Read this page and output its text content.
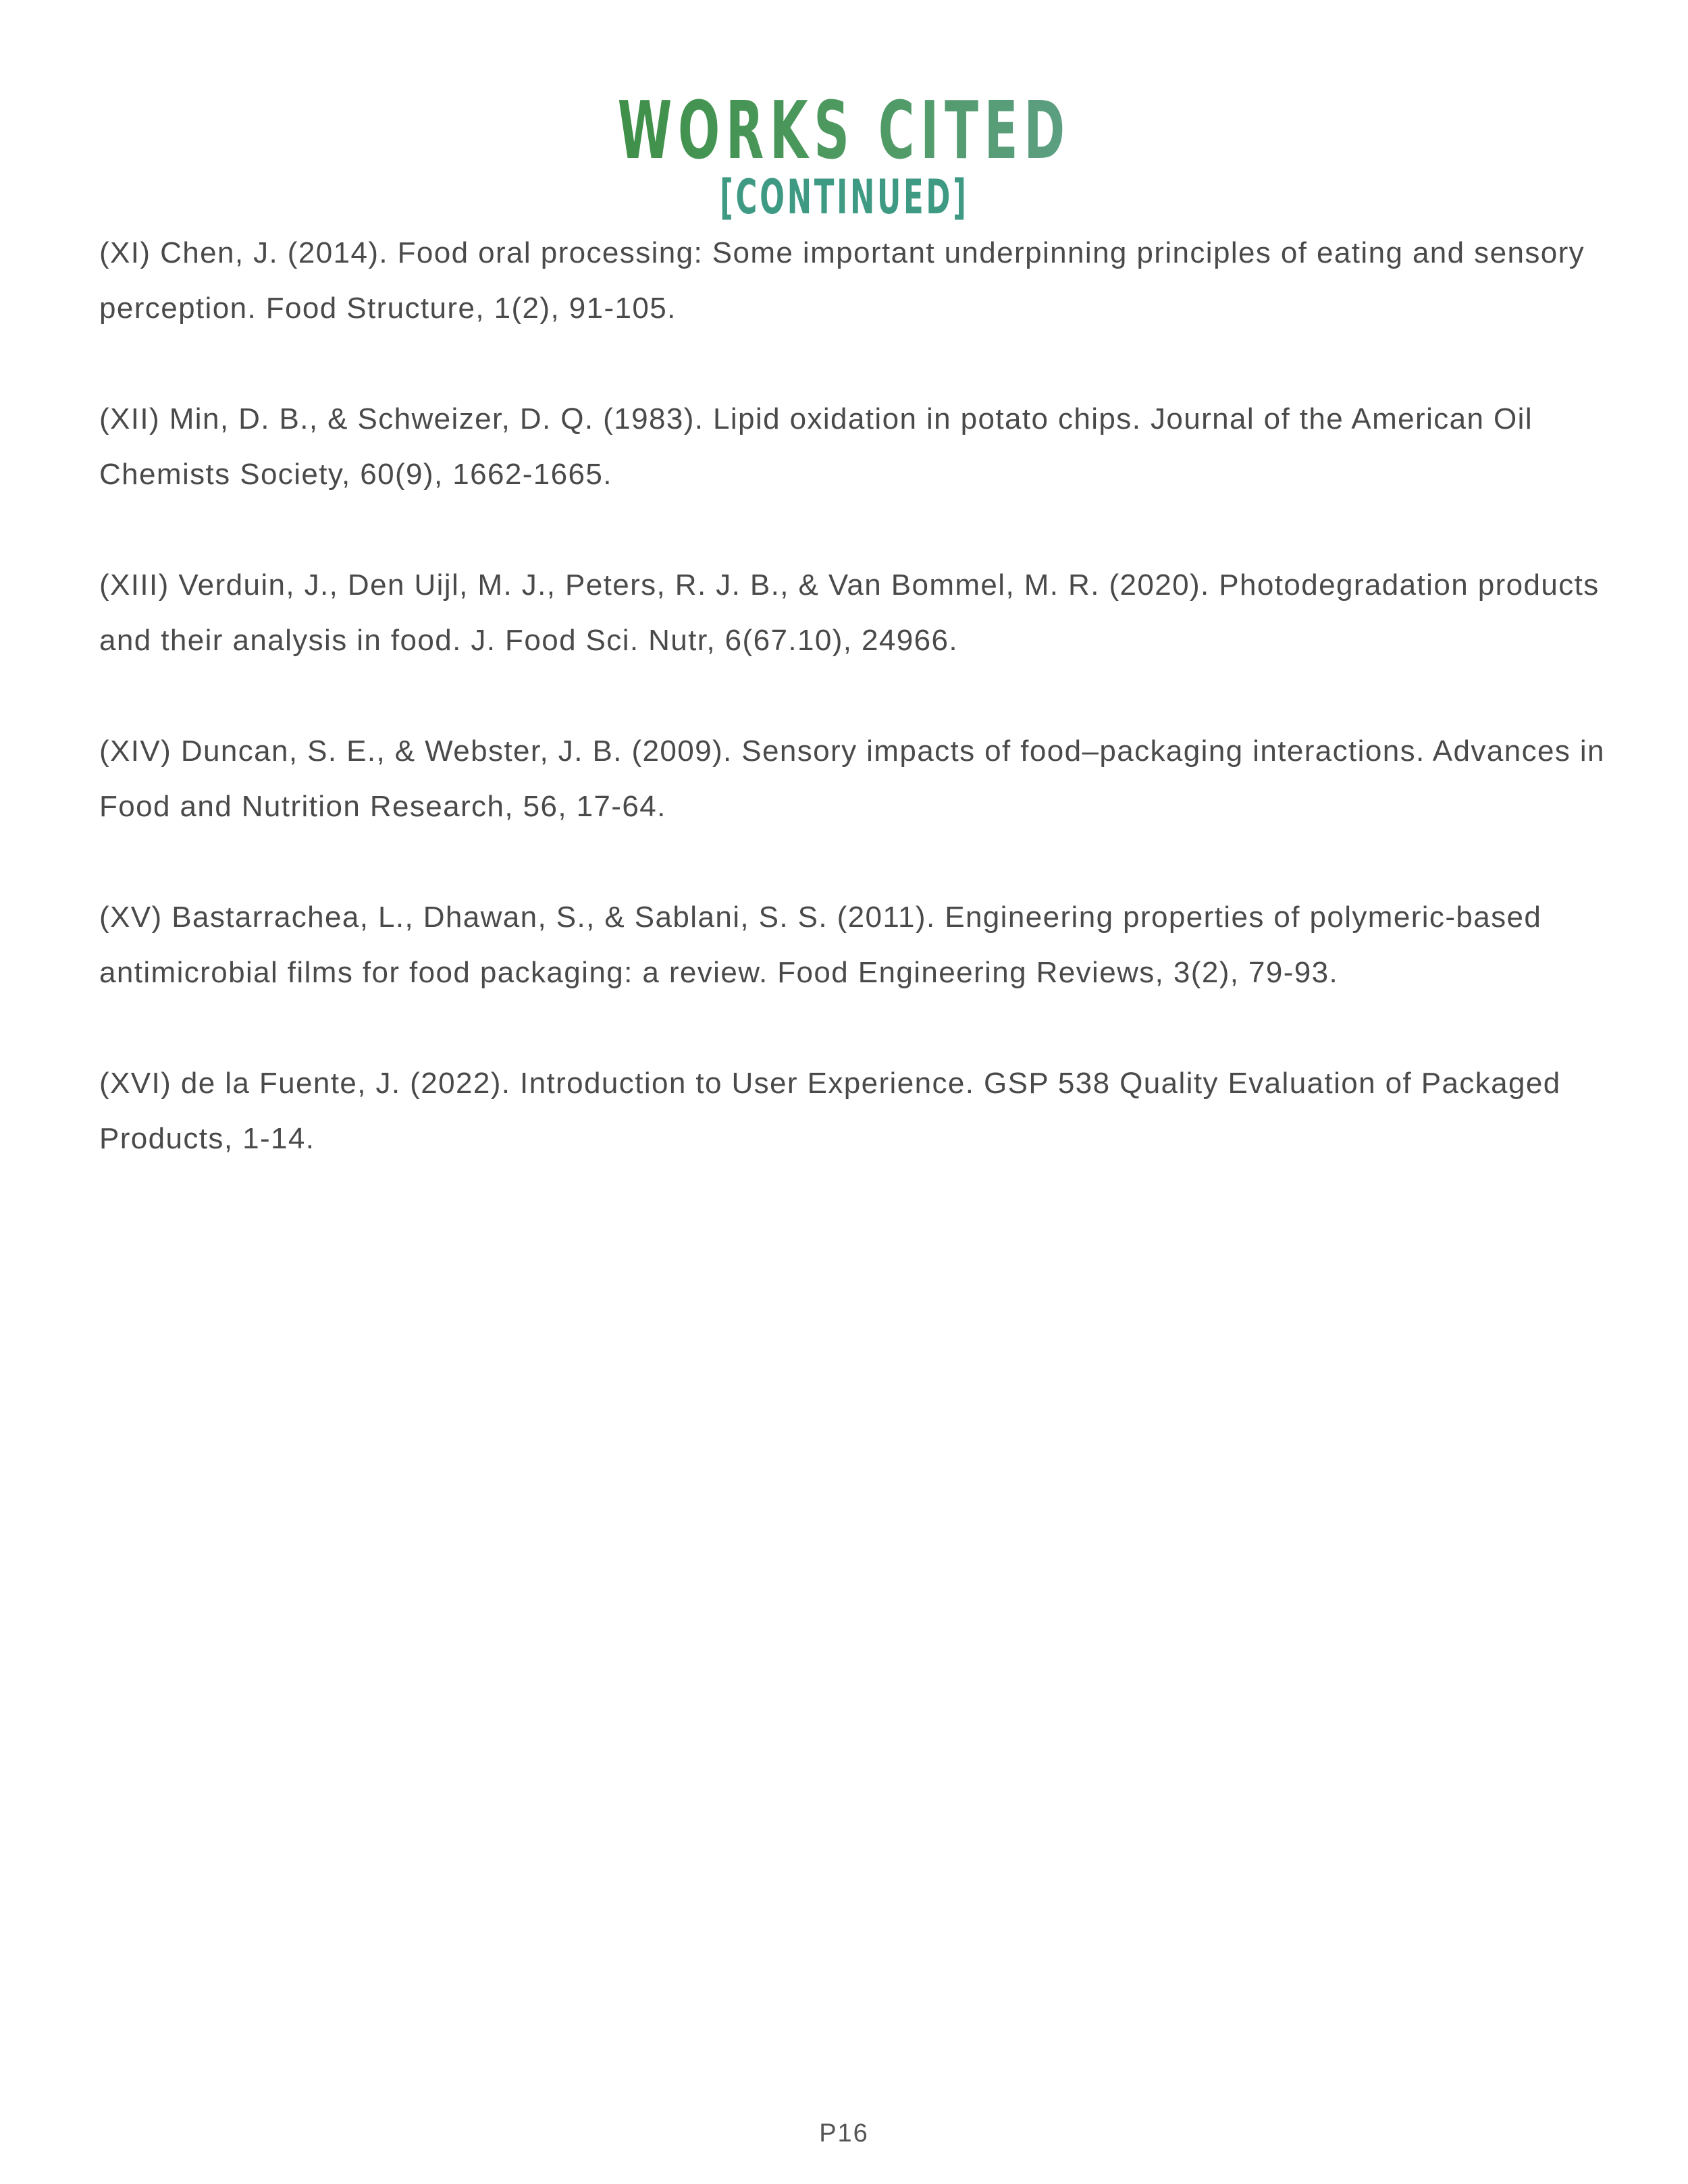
WORKS CITED
[CONTINUED]
(XI) Chen, J. (2014). Food oral processing: Some important underpinning principles of eating and sensory perception. Food Structure, 1(2), 91-105.
(XII) Min, D. B., & Schweizer, D. Q. (1983). Lipid oxidation in potato chips. Journal of the American Oil Chemists Society, 60(9), 1662-1665.
(XIII) Verduin, J., Den Uijl, M. J., Peters, R. J. B., & Van Bommel, M. R. (2020). Photodegradation products and their analysis in food. J. Food Sci. Nutr, 6(67.10), 24966.
(XIV) Duncan, S. E., & Webster, J. B. (2009). Sensory impacts of food–packaging interactions. Advances in Food and Nutrition Research, 56, 17-64.
(XV) Bastarrachea, L., Dhawan, S., & Sablani, S. S. (2011). Engineering properties of polymeric-based antimicrobial films for food packaging: a review. Food Engineering Reviews, 3(2), 79-93.
(XVI) de la Fuente, J. (2022). Introduction to User Experience. GSP 538 Quality Evaluation of Packaged Products, 1-14.
P16
